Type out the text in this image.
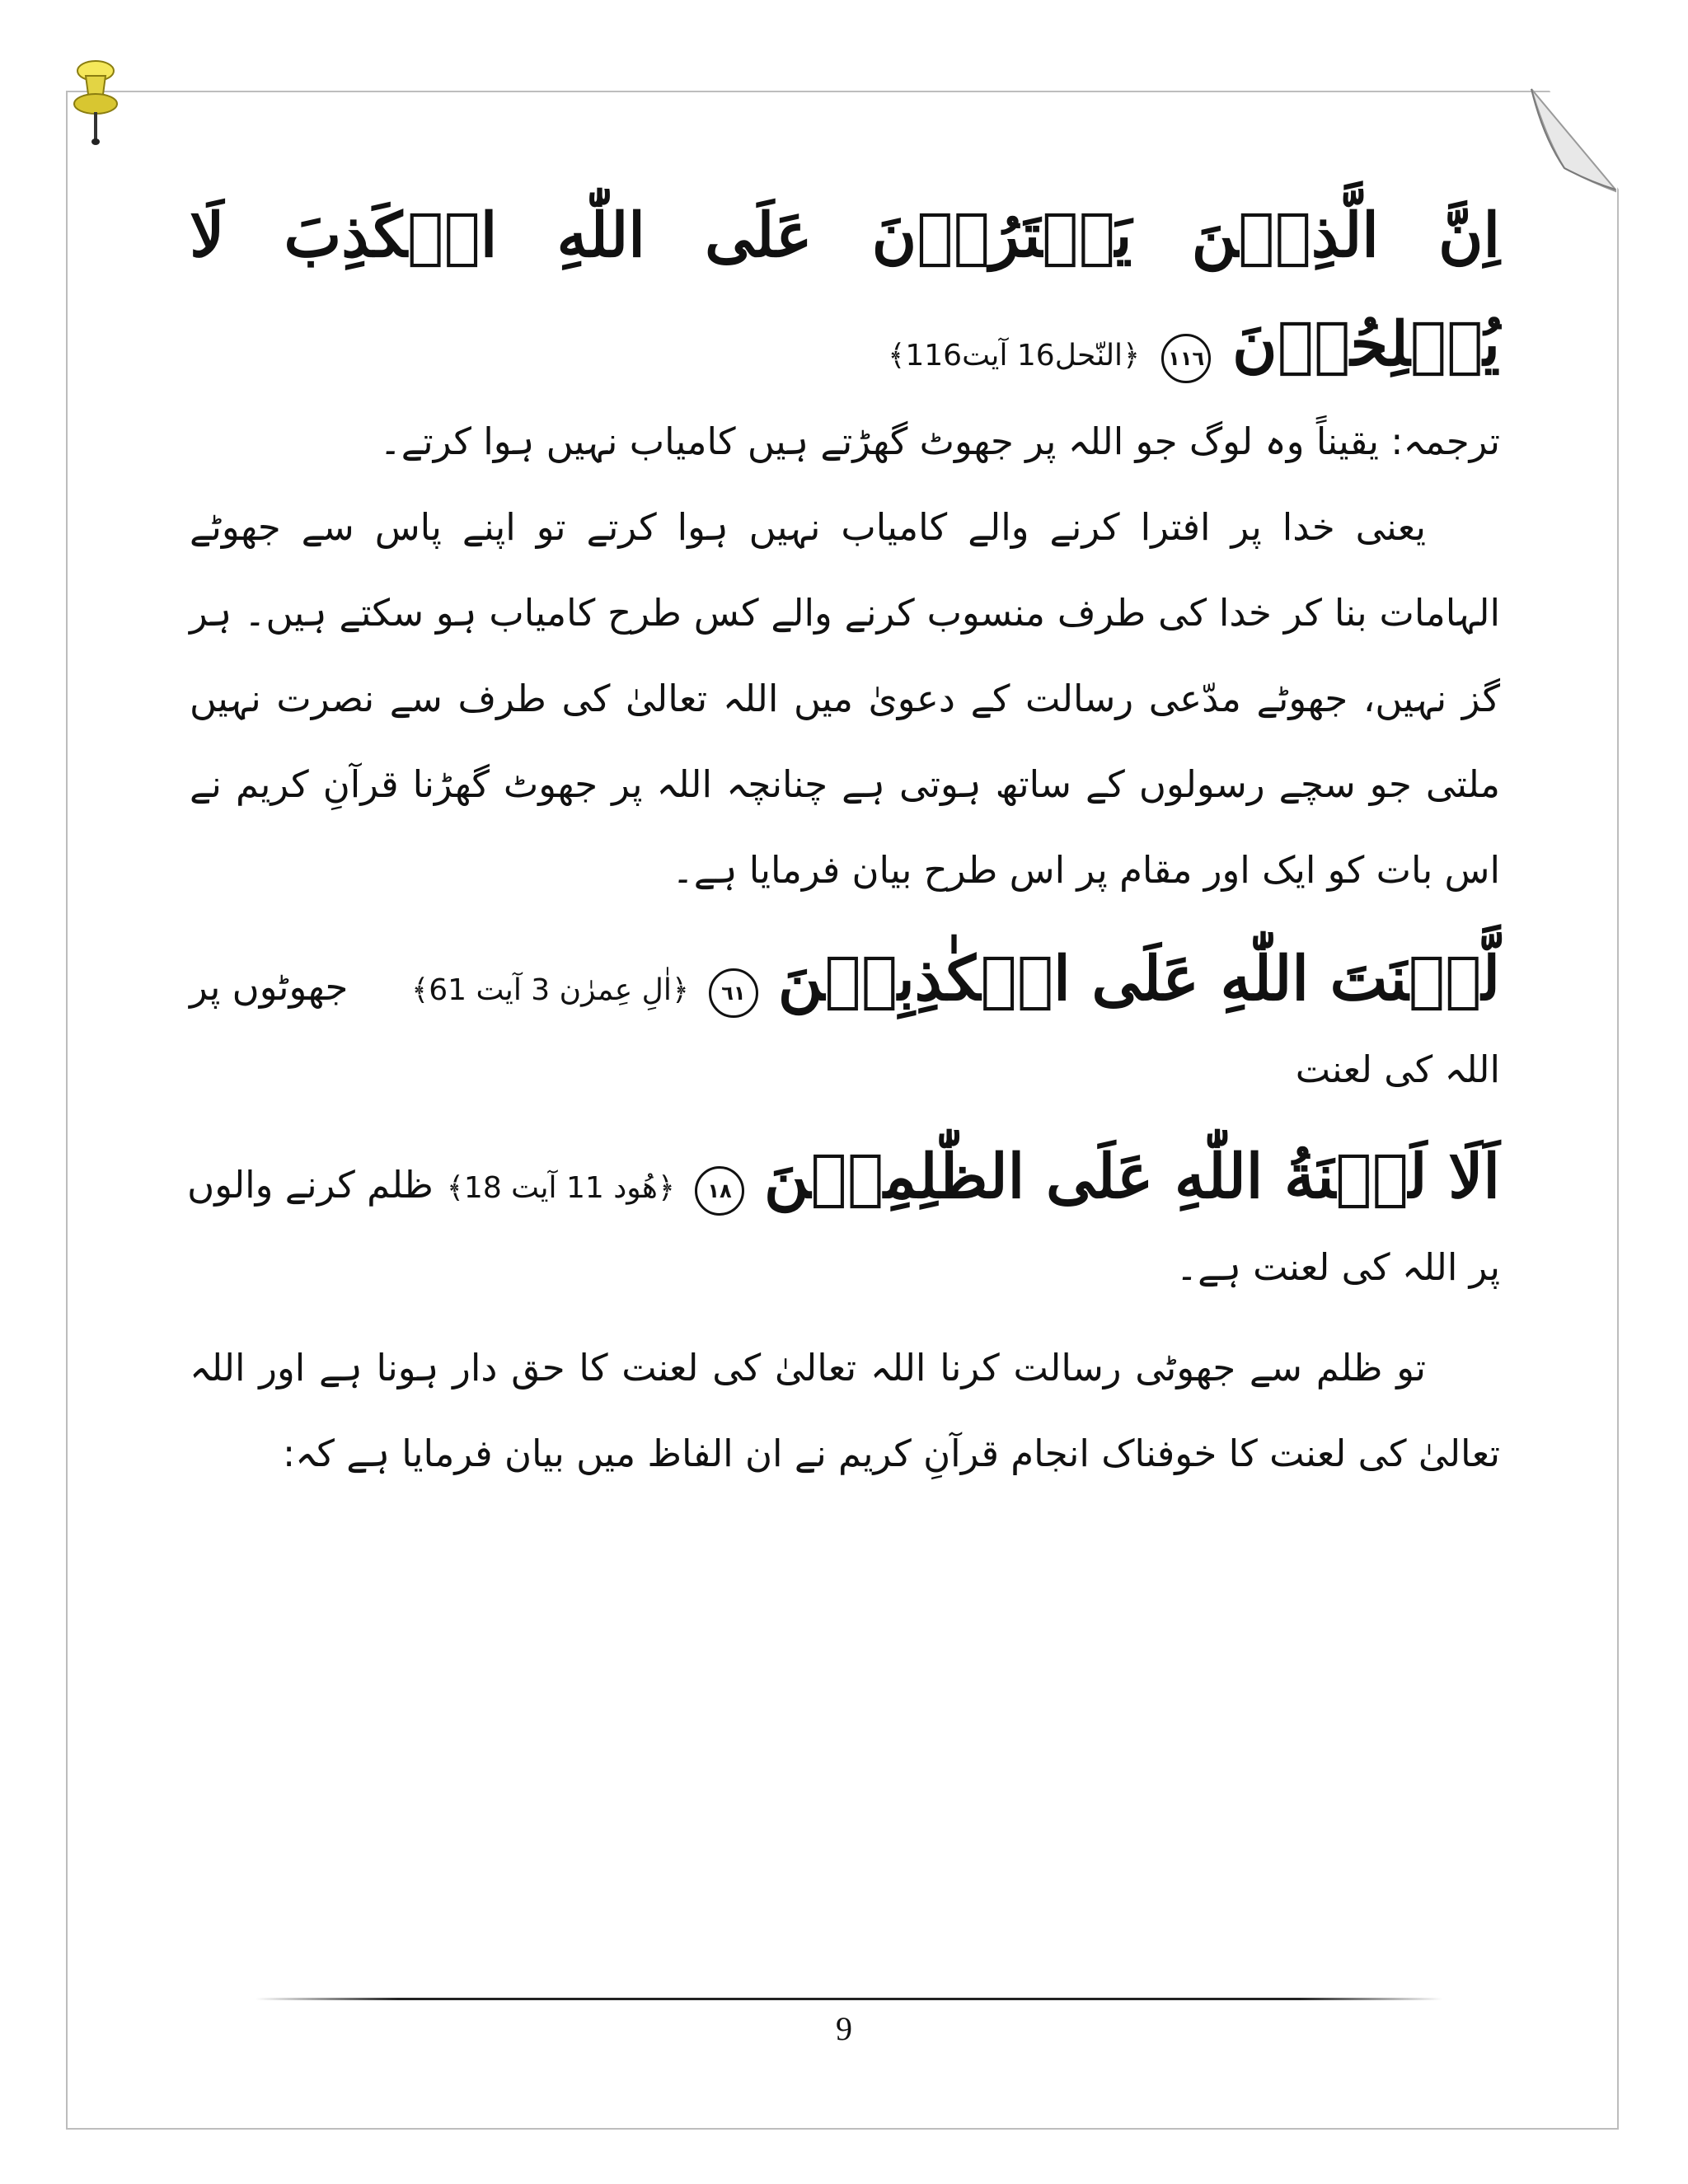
اِنَّ
الَّذِيۡنَ
يَفۡتَرُوۡنَ
عَلَى
اللّٰهِ
الۡكَذِبَ
لَا
يُفۡلِحُوۡنَ
١١٦
﴿النّحل16 آیت116﴾

ترجمہ: یقیناً وہ لوگ جو اللہ پر جھوٹ گھڑتے ہیں کامیاب نہیں ہوا کرتے۔

یعنی خدا پر افترا کرنے والے کامیاب نہیں ہوا کرتے تو اپنے پاس سے جھوٹے الہامات بنا کر خدا کی طرف منسوب کرنے والے کس طرح کامیاب ہو سکتے ہیں۔ ہر گز نہیں، جھوٹے مدّعی رسالت کے دعویٰ میں اللہ تعالیٰ کی طرف سے نصرت نہیں ملتی جو سچے رسولوں کے ساتھ ہوتی ہے چنانچہ اللہ پر جھوٹ گھڑنا قرآنِ کریم نے اس بات کو ایک اور مقام پر اس طرح بیان فرمایا ہے۔

لَّعۡنَتَ اللّٰهِ عَلَى الۡكٰذِبِيۡنَ
٦١
﴿اٰلِ عِمرٰن 3 آیت 61﴾
جھوٹوں پر

اللہ کی لعنت

اَلَا لَعۡنَةُ اللّٰهِ عَلَى الظّٰلِمِيۡنَ
١٨
﴿هُود 11 آیت 18﴾
ظلم کرنے والوں

پر اللہ کی لعنت ہے۔

تو ظلم سے جھوٹی رسالت کرنا اللہ تعالیٰ کی لعنت کا حق دار ہونا ہے اور اللہ تعالیٰ کی لعنت کا خوفناک انجام قرآنِ کریم نے ان الفاظ میں بیان فرمایا ہے کہ:

9
